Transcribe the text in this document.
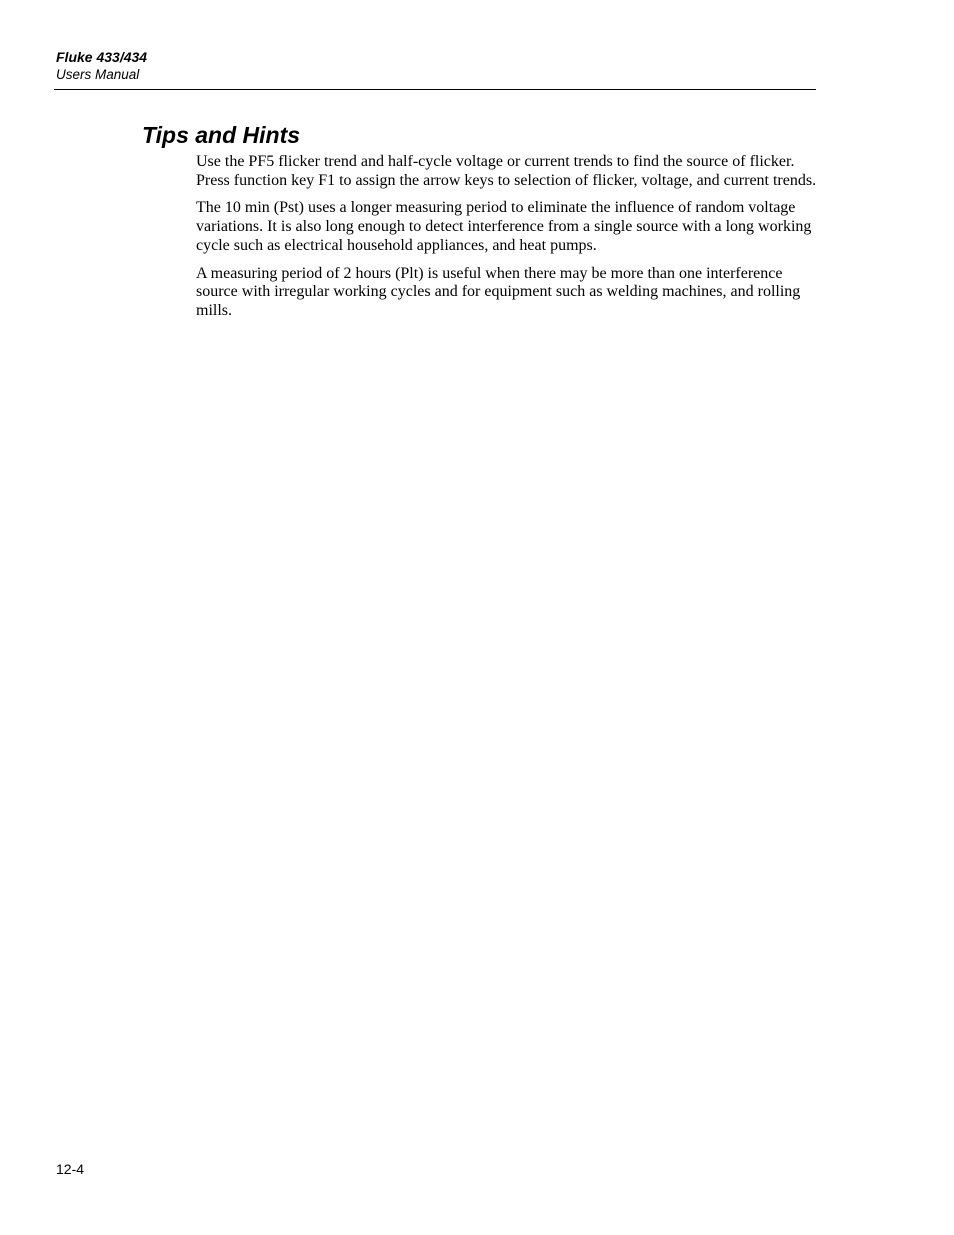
Fluke 433/434
Users Manual
Tips and Hints

Use the PF5 flicker trend and half-cycle voltage or current trends to find the source of flicker. Press function key F1 to assign the arrow keys to selection of flicker, voltage, and current trends.

The 10 min (Pst) uses a longer measuring period to eliminate the influence of random voltage variations. It is also long enough to detect interference from a single source with a long working cycle such as electrical household appliances, and heat pumps.

A measuring period of 2 hours (Plt) is useful when there may be more than one interference source with irregular working cycles and for equipment such as welding machines, and rolling mills.

12-4
